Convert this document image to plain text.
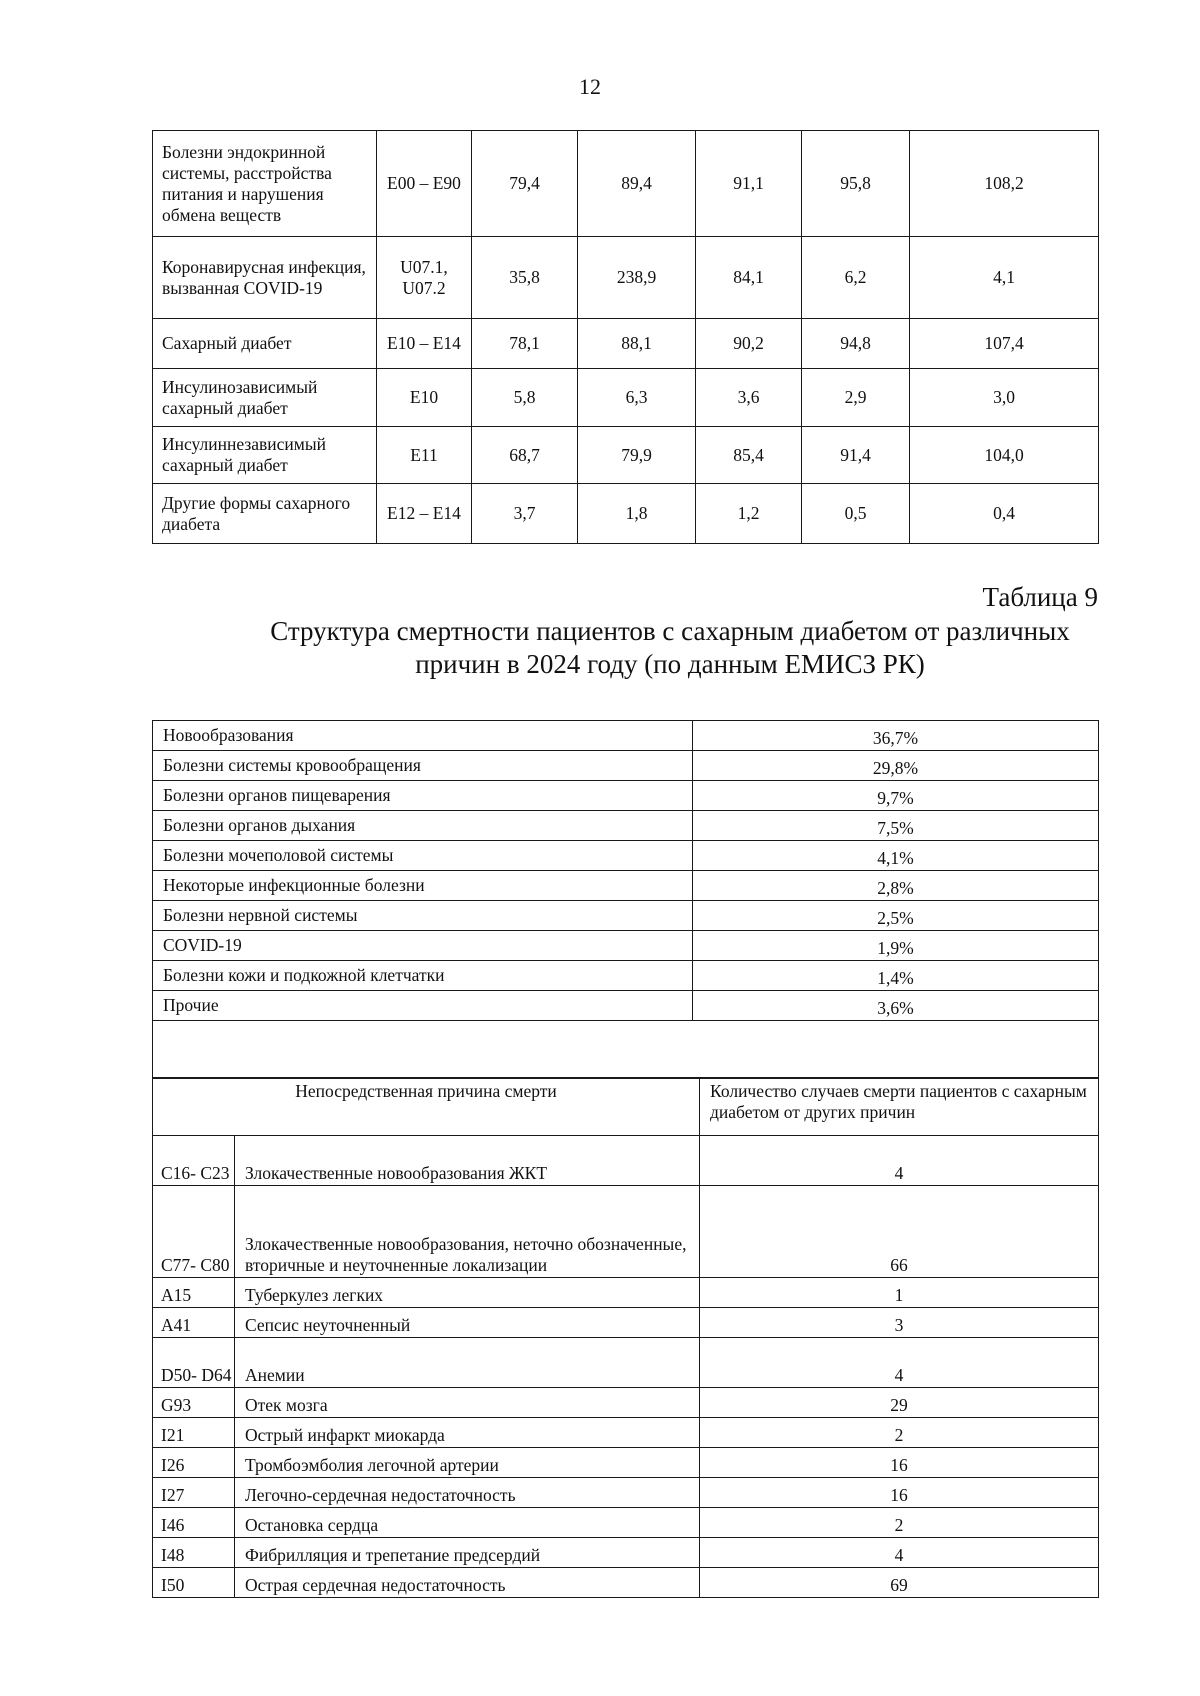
12
Болезни эндокринной системы, расстройства питания и нарушения обмена веществ	E00 – E90	79,4	89,4	91,1	95,8	108,2
Коронавирусная инфекция, вызванная COVID-19	U07.1, U07.2	35,8	238,9	84,1	6,2	4,1
Сахарный диабет	E10 – E14	78,1	88,1	90,2	94,8	107,4
Инсулинозависимый сахарный диабет	E10	5,8	6,3	3,6	2,9	3,0
Инсулиннезависимый сахарный диабет	E11	68,7	79,9	85,4	91,4	104,0
Другие формы сахарного диабета	E12 – E14	3,7	1,8	1,2	0,5	0,4
Таблица 9
Структура смертности пациентов с сахарным диабетом от различных причин в 2024 году (по данным ЕМИСЗ РК)
Новообразования	36,7%
Болезни системы кровообращения	29,8%
Болезни органов пищеварения	9,7%
Болезни органов дыхания	7,5%
Болезни мочеполовой системы	4,1%
Некоторые инфекционные болезни	2,8%
Болезни нервной системы	2,5%
COVID-19	1,9%
Болезни кожи и подкожной клетчатки	1,4%
Прочие	3,6%

Непосредственная причина смерти		Количество случаев смерти пациентов с сахарным диабетом от других причин
C16- C23	Злокачественные новообразования ЖКТ	4
C77- C80	Злокачественные новообразования, неточно обозначенные, вторичные и неуточненные локализации	66
A15	Туберкулез легких	1
A41	Сепсис неуточненный	3
D50- D64	Анемии	4
G93	Отек мозга	29
I21	Острый инфаркт миокарда	2
I26	Тромбоэмболия легочной артерии	16
I27	Легочно-сердечная недостаточность	16
I46	Остановка сердца	2
I48	Фибрилляция и трепетание предсердий	4
I50	Острая сердечная недостаточность	69
